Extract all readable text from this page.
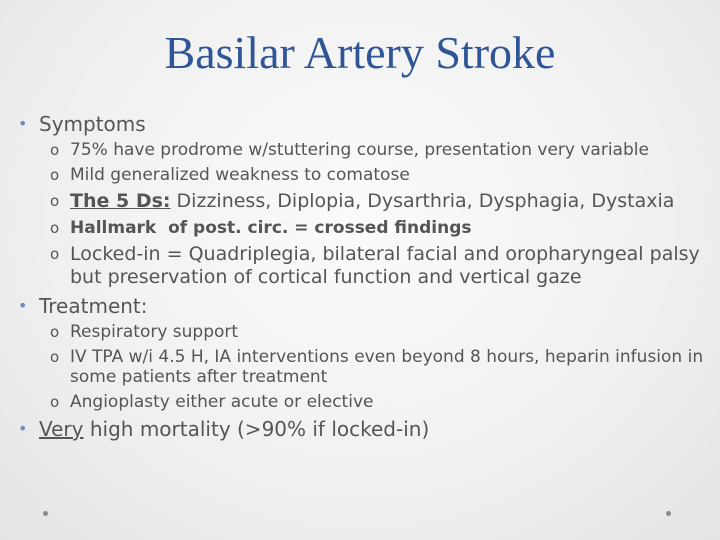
Basilar Artery Stroke
• Symptoms
o 75% have prodrome w/stuttering course, presentation very variable
o Mild generalized weakness to comatose
o The 5 Ds: Dizziness, Diplopia, Dysarthria, Dysphagia, Dystaxia
o Hallmark  of post. circ. = crossed findings
o Locked-in = Quadriplegia, bilateral facial and oropharyngeal palsy but preservation of cortical function and vertical gaze
• Treatment:
o Respiratory support
o IV TPA w/i 4.5 H, IA interventions even beyond 8 hours, heparin infusion in some patients after treatment
o Angioplasty either acute or elective
• Very high mortality (>90% if locked-in)
